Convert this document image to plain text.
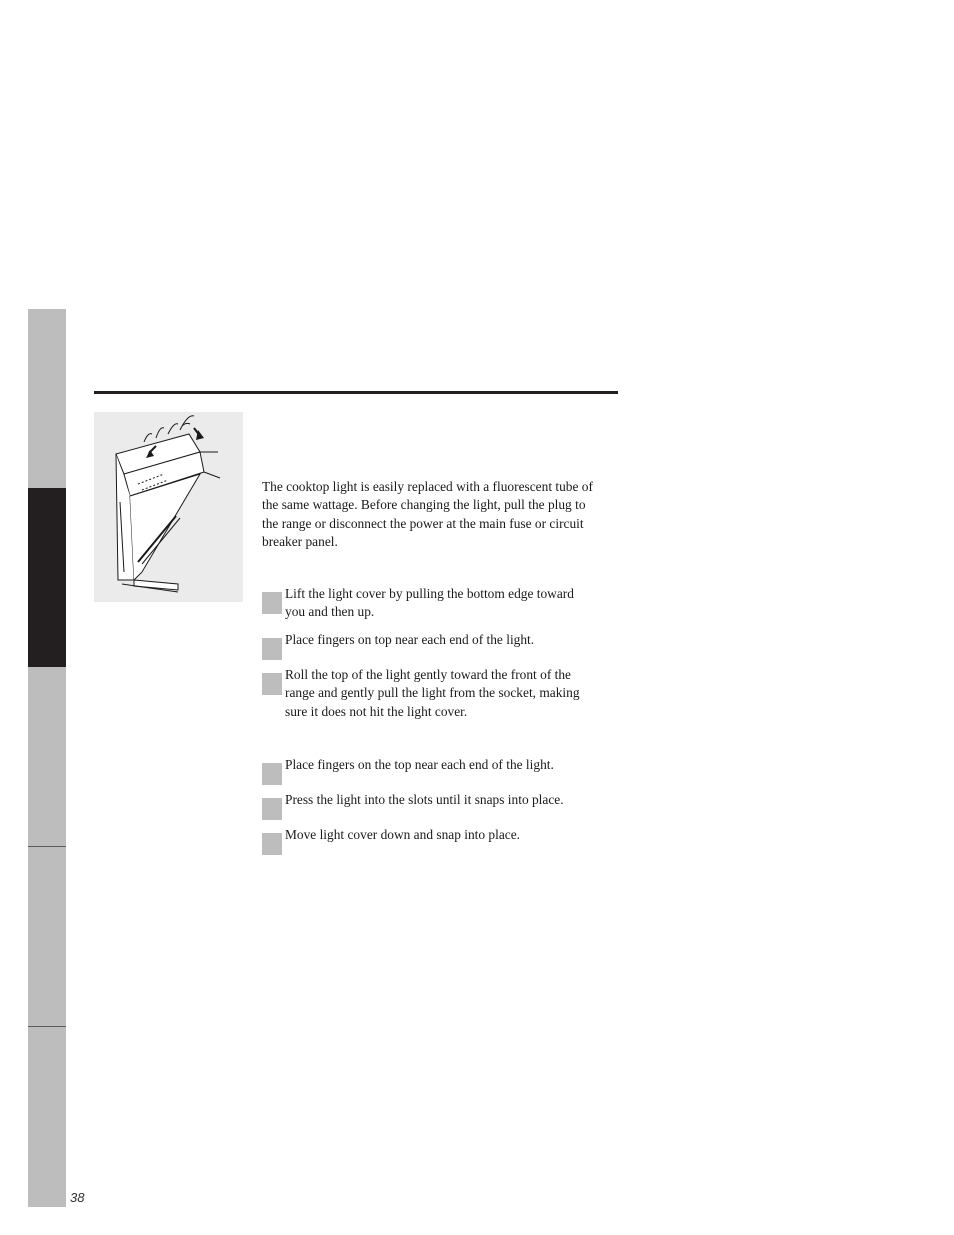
The cooktop light is easily replaced with a fluorescent tube of the same wattage. Before changing the light, pull the plug to the range or disconnect the power at the main fuse or circuit breaker panel.

Lift the light cover by pulling the bottom edge toward you and then up.
Place fingers on top near each end of the light.
Roll the top of the light gently toward the front of the range and gently pull the light from the socket, making sure it does not hit the light cover.
Place fingers on the top near each end of the light.
Press the light into the slots until it snaps into place.
Move light cover down and snap into place.
38
